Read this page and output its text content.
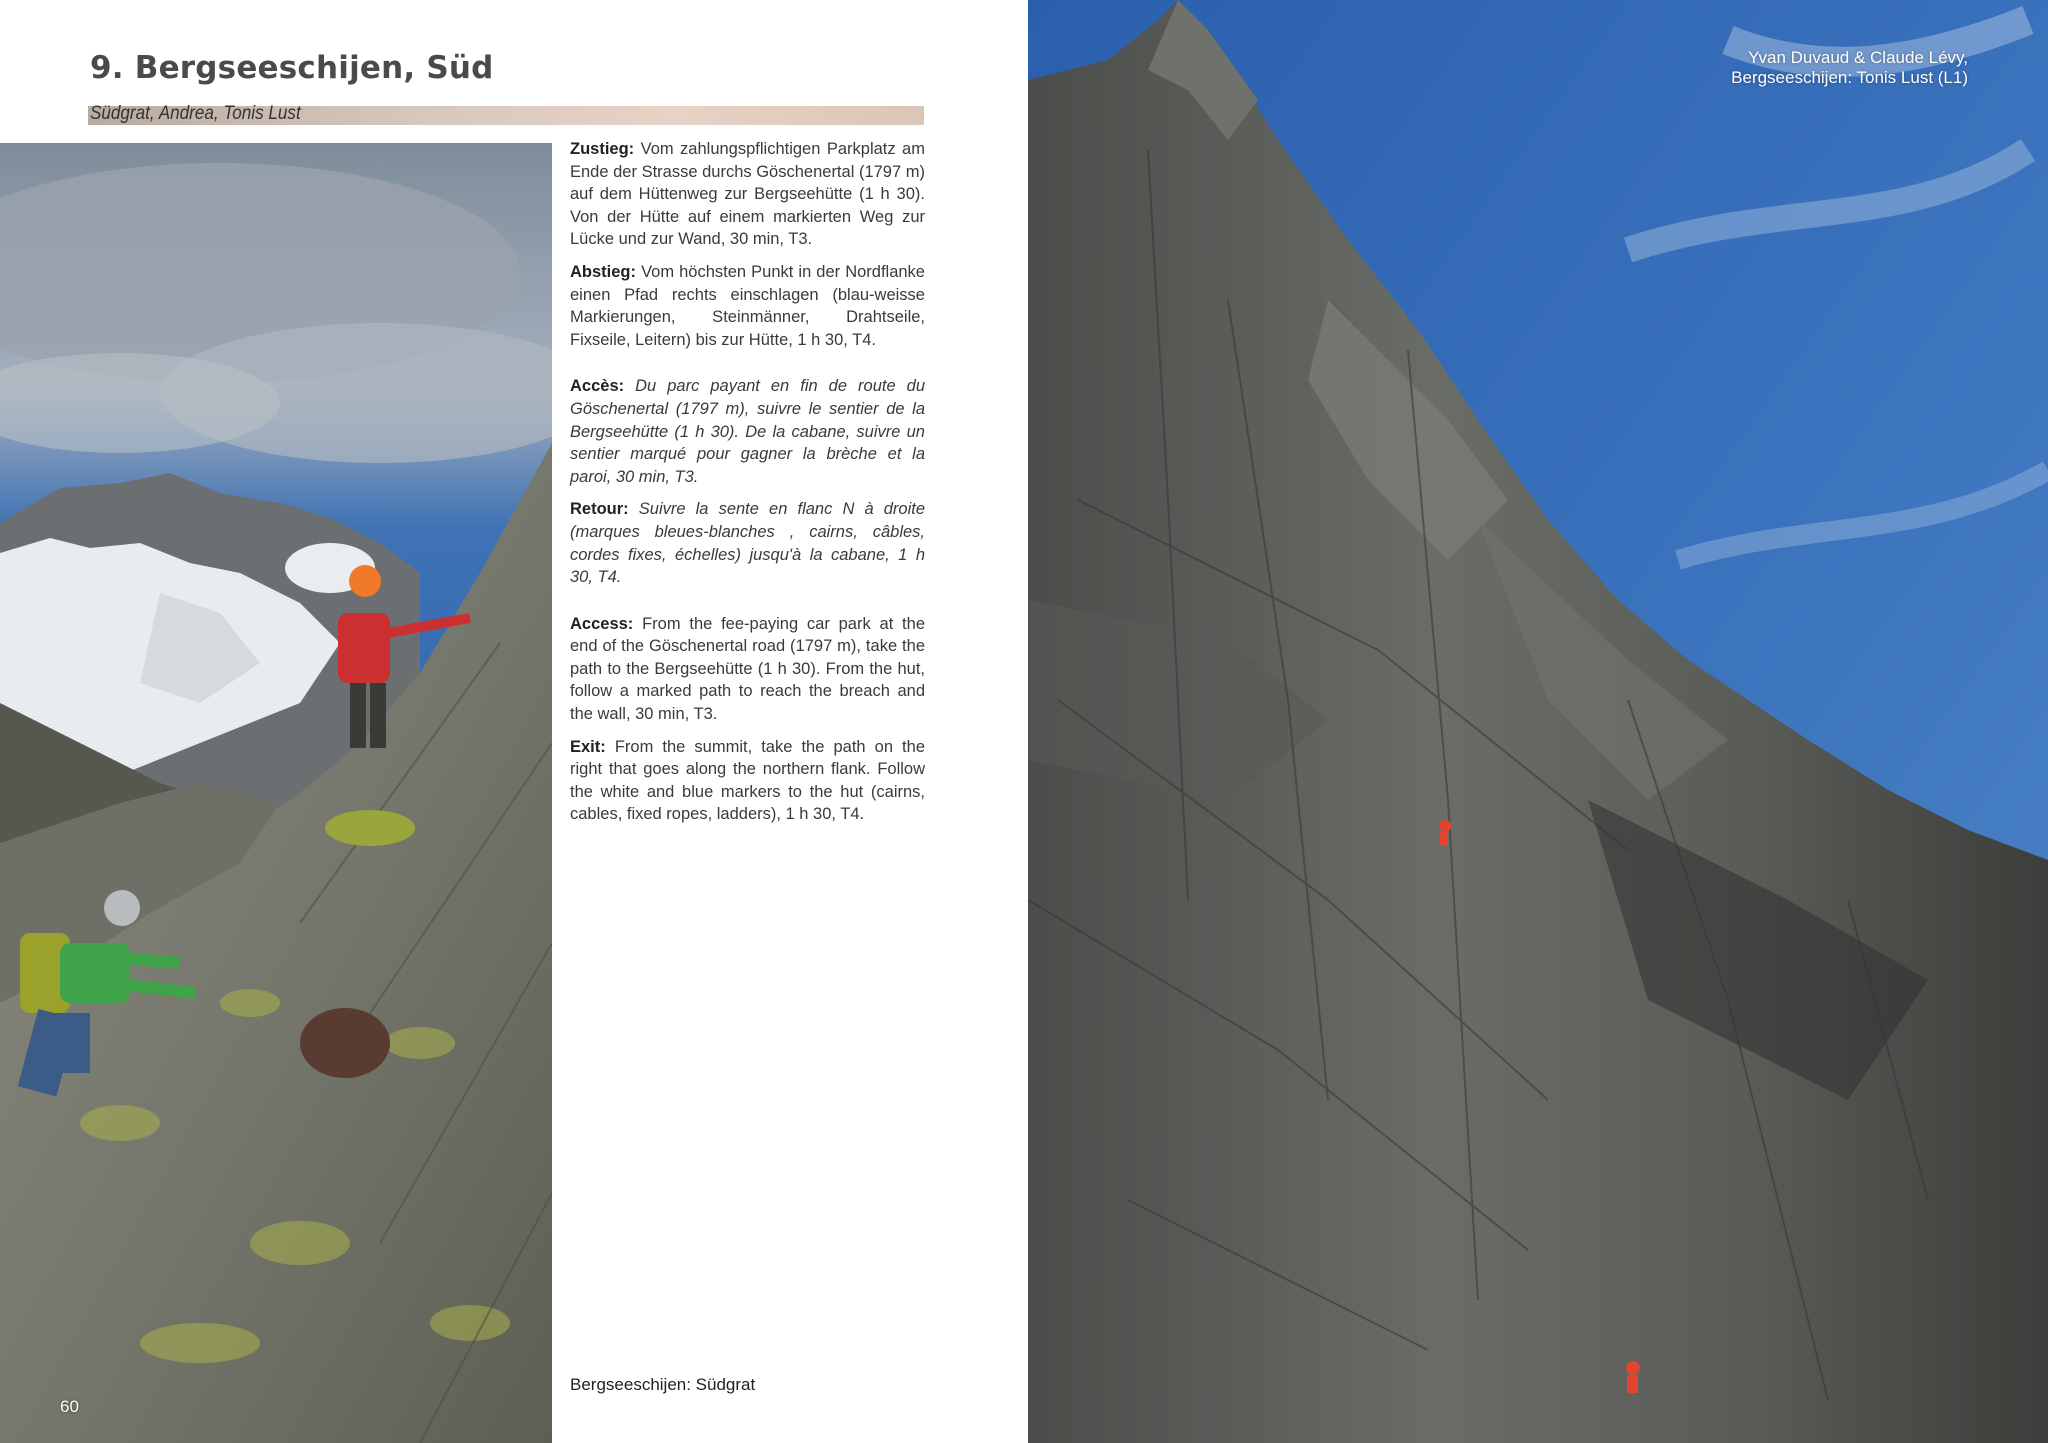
9. Bergseeschijen, Süd
Südgrat, Andrea, Tonis Lust

Zustieg: Vom zahlungspflichtigen Parkplatz am Ende der Strasse durchs Göschenertal (1797 m) auf dem Hüttenweg zur Bergseehütte (1 h 30). Von der Hütte auf einem markierten Weg zur Lücke und zur Wand, 30 min, T3.

Abstieg: Vom höchsten Punkt in der Nordflanke einen Pfad rechts einschlagen (blau-weisse Markierungen, Steinmänner, Drahtseile, Fixseile, Leitern) bis zur Hütte, 1 h 30, T4.

Accès: Du parc payant en fin de route du Göschenertal (1797 m), suivre le sentier de la Bergseehütte (1 h 30). De la cabane, suivre un sentier marqué pour gagner la brèche et la paroi, 30 min, T3.

Retour: Suivre la sente en flanc N à droite (marques bleues-blanches , cairns, câbles, cordes fixes, échelles) jusqu'à la cabane, 1 h 30, T4.

Access: From the fee-paying car park at the end of the Göschenertal road (1797 m), take the path to the Bergseehütte (1 h 30). From the hut, follow a marked path to reach the breach and the wall, 30 min, T3.

Exit: From the summit, take the path on the right that goes along the northern flank. Follow the white and blue markers to the hut (cairns, cables, fixed ropes, ladders), 1 h 30, T4.

Bergseeschijen: Südgrat
60
Yvan Duvaud & Claude Lévy,
Bergseeschijen: Tonis Lust (L1)
